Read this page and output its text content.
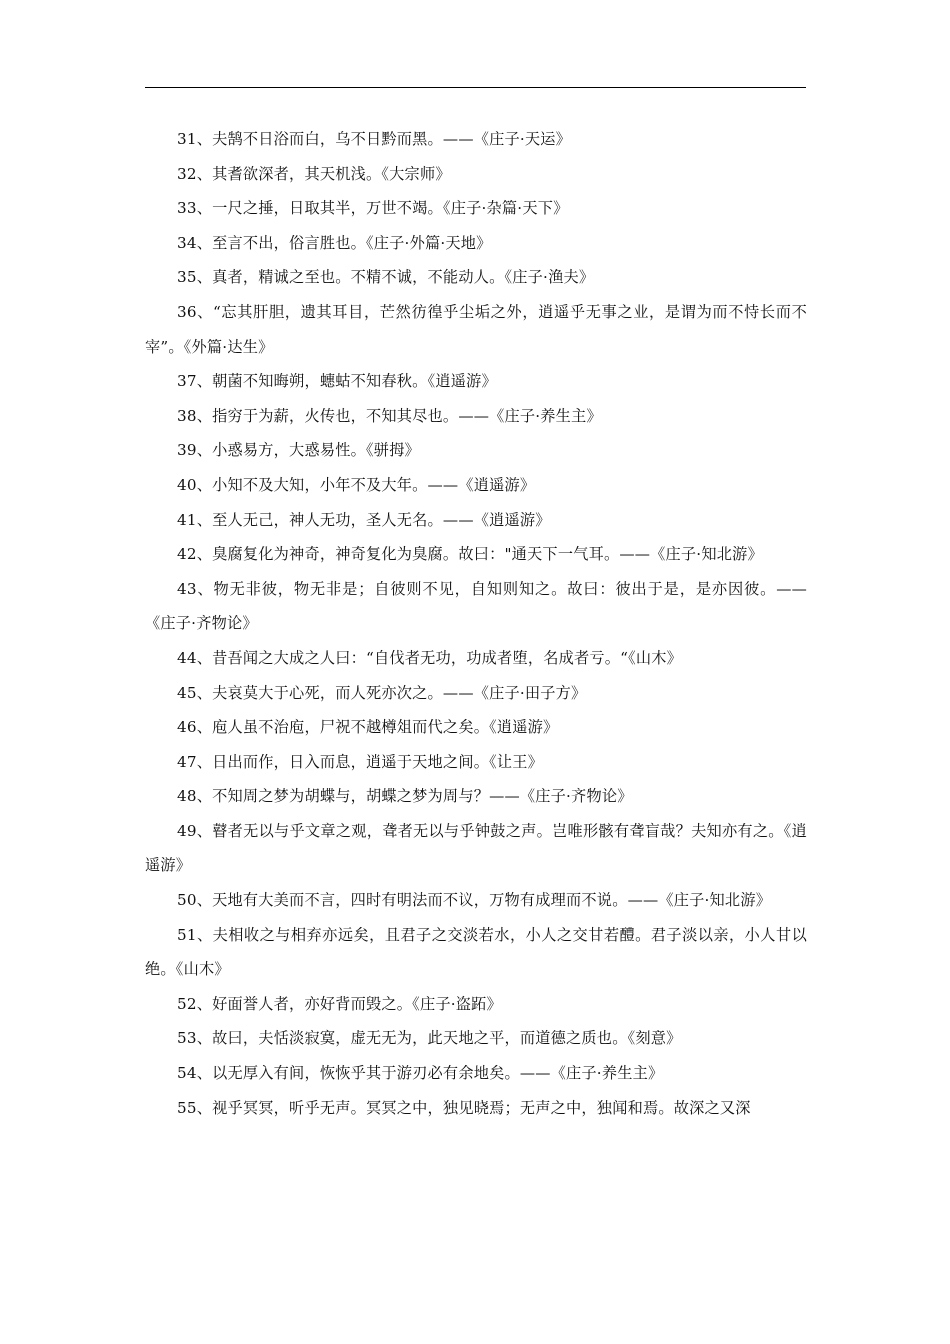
31、夫鹄不日浴而白，乌不日黔而黑。——《庄子·天运》

32、其耆欲深者，其天机浅。《大宗师》

33、一尺之捶，日取其半，万世不竭。《庄子·杂篇·天下》

34、至言不出，俗言胜也。《庄子·外篇·天地》

35、真者，精诚之至也。不精不诚，不能动人。《庄子·渔夫》

36、“忘其肝胆，遗其耳目，芒然彷徨乎尘垢之外，逍遥乎无事之业，是谓为而不恃长而不宰”。《外篇·达生》

37、朝菌不知晦朔，蟪蛄不知春秋。《逍遥游》

38、指穷于为薪，火传也，不知其尽也。——《庄子·养生主》

39、小惑易方，大惑易性。《骈拇》

40、小知不及大知，小年不及大年。——《逍遥游》

41、至人无己，神人无功，圣人无名。——《逍遥游》

42、臭腐复化为神奇，神奇复化为臭腐。故曰："通天下一气耳。——《庄子·知北游》

43、物无非彼，物无非是；自彼则不见，自知则知之。故曰：彼出于是，是亦因彼。——《庄子·齐物论》

44、昔吾闻之大成之人曰：“自伐者无功，功成者堕，名成者亏。“《山木》

45、夫哀莫大于心死，而人死亦次之。——《庄子·田子方》

46、庖人虽不治庖，尸祝不越樽俎而代之矣。《逍遥游》

47、日出而作，日入而息，逍遥于天地之间。《让王》

48、不知周之梦为胡蝶与，胡蝶之梦为周与？——《庄子·齐物论》

49、瞽者无以与乎文章之观，聋者无以与乎钟鼓之声。岂唯形骸有聋盲哉？夫知亦有之。《逍遥游》

50、天地有大美而不言，四时有明法而不议，万物有成理而不说。——《庄子·知北游》

51、夫相收之与相弃亦远矣，且君子之交淡若水，小人之交甘若醴。君子淡以亲，小人甘以绝。《山木》

52、好面誉人者，亦好背而毁之。《庄子·盗跖》

53、故曰，夫恬淡寂寞，虚无无为，此天地之平，而道德之质也。《刻意》

54、以无厚入有间，恢恢乎其于游刃必有余地矣。——《庄子·养生主》

55、视乎冥冥，听乎无声。冥冥之中，独见晓焉；无声之中，独闻和焉。故深之又深
